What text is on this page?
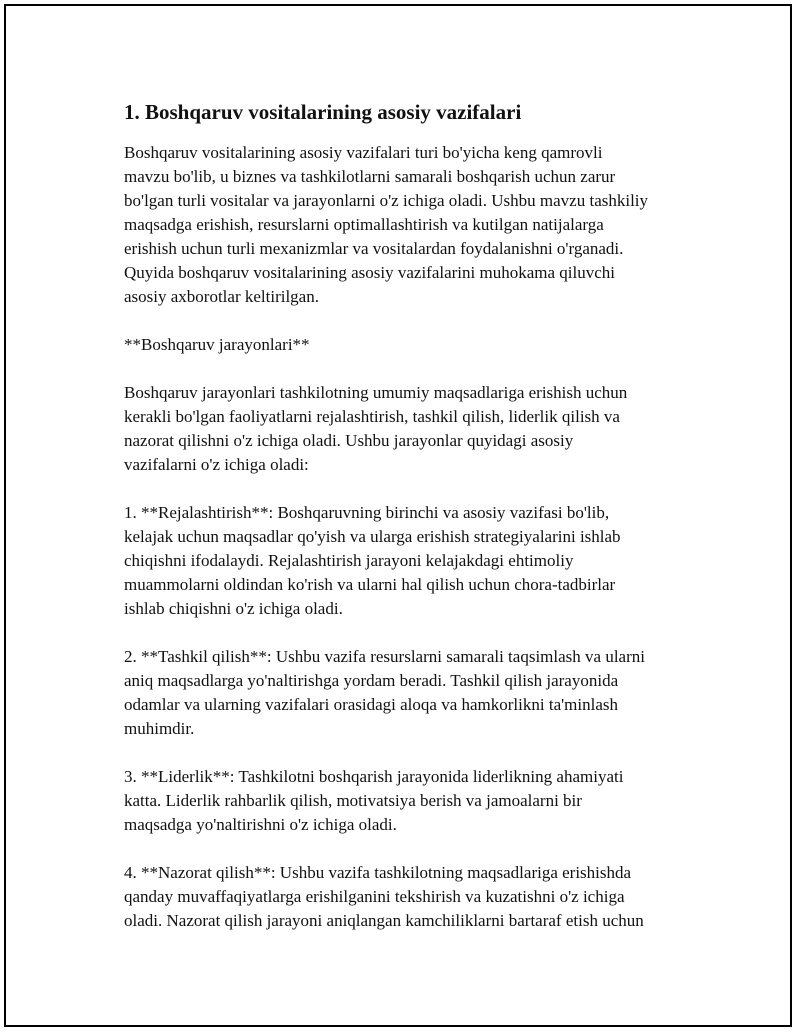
1. Boshqaruv vositalarining asosiy vazifalari

Boshqaruv vositalarining asosiy vazifalari turi bo'yicha keng qamrovli
mavzu bo'lib, u biznes va tashkilotlarni samarali boshqarish uchun zarur
bo'lgan turli vositalar va jarayonlarni o'z ichiga oladi. Ushbu mavzu tashkiliy
maqsadga erishish, resurslarni optimallashtirish va kutilgan natijalarga
erishish uchun turli mexanizmlar va vositalardan foydalanishni o'rganadi.
Quyida boshqaruv vositalarining asosiy vazifalarini muhokama qiluvchi
asosiy axborotlar keltirilgan.

**Boshqaruv jarayonlari**

Boshqaruv jarayonlari tashkilotning umumiy maqsadlariga erishish uchun
kerakli bo'lgan faoliyatlarni rejalashtirish, tashkil qilish, liderlik qilish va
nazorat qilishni o'z ichiga oladi. Ushbu jarayonlar quyidagi asosiy
vazifalarni o'z ichiga oladi:

1. **Rejalashtirish**: Boshqaruvning birinchi va asosiy vazifasi bo'lib,
kelajak uchun maqsadlar qo'yish va ularga erishish strategiyalarini ishlab
chiqishni ifodalaydi. Rejalashtirish jarayoni kelajakdagi ehtimoliy
muammolarni oldindan ko'rish va ularni hal qilish uchun chora-tadbirlar
ishlab chiqishni o'z ichiga oladi.

2. **Tashkil qilish**: Ushbu vazifa resurslarni samarali taqsimlash va ularni
aniq maqsadlarga yo'naltirishga yordam beradi. Tashkil qilish jarayonida
odamlar va ularning vazifalari orasidagi aloqa va hamkorlikni ta'minlash
muhimdir.

3. **Liderlik**: Tashkilotni boshqarish jarayonida liderlikning ahamiyati
katta. Liderlik rahbarlik qilish, motivatsiya berish va jamoalarni bir
maqsadga yo'naltirishni o'z ichiga oladi.

4. **Nazorat qilish**: Ushbu vazifa tashkilotning maqsadlariga erishishda
qanday muvaffaqiyatlarga erishilganini tekshirish va kuzatishni o'z ichiga
oladi. Nazorat qilish jarayoni aniqlangan kamchiliklarni bartaraf etish uchun
